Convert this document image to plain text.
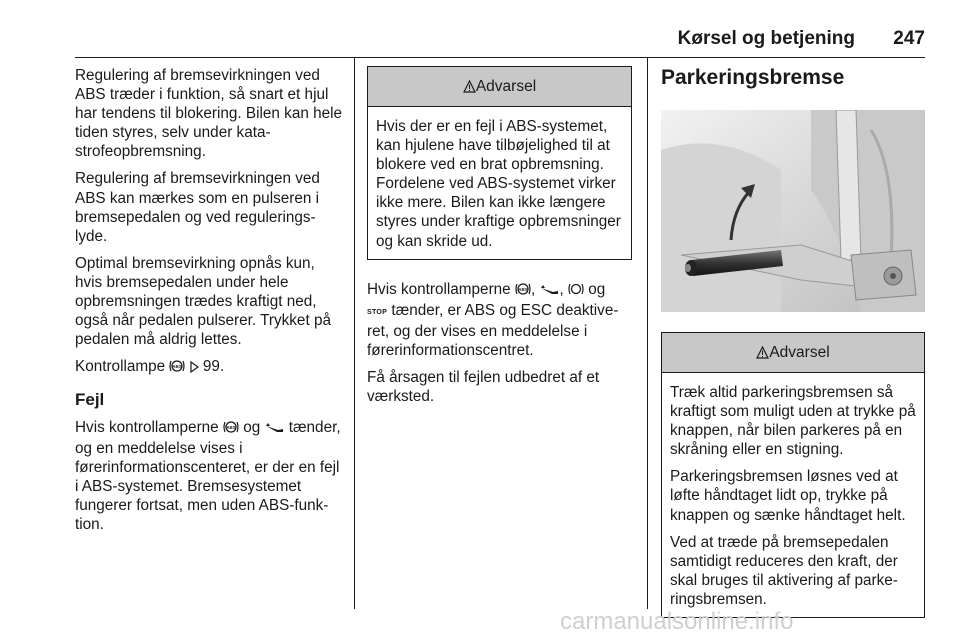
Kørsel og betjening 247

Regulering af bremsevirkningen ved ABS træder i funktion, så snart et hjul har tendens til blokering. Bilen kan hele tiden styres, selv under kata-strofeopbremsning.

Regulering af bremsevirkningen ved ABS kan mærkes som en pulseren i bremsepedalen og ved regulerings-lyde.

Optimal bremsevirkning opnås kun, hvis bremsepedalen under hele opbremsningen trædes kraftigt ned, også når pedalen pulserer. Trykket på pedalen må aldrig lettes.

Kontrollampe ABS 99.

Fejl

Hvis kontrollamperne ABS og tænder, og en meddelelse vises i førerinformationscenteret, er der en fejl i ABS-systemet. Bremsesystemet fungerer fortsat, men uden ABS-funk-tion.

Advarsel

Hvis der er en fejl i ABS-systemet, kan hjulene have tilbøjelighed til at blokere ved en brat opbremsning. Fordelene ved ABS-systemet virker ikke mere. Bilen kan ikke længere styres under kraftige opbremsninger og kan skride ud.

Hvis kontrollamperne ABS , , og
STOP tænder, er ABS og ESC deaktive-ret, og der vises en meddelelse i førerinformationscentret.

Få årsagen til fejlen udbedret af et værksted.

Parkeringsbremse
Advarsel

Træk altid parkeringsbremsen så kraftigt som muligt uden at trykke på knappen, når bilen parkeres på en skråning eller en stigning.

Parkeringsbremsen løsnes ved at løfte håndtaget lidt op, trykke på knappen og sænke håndtaget helt.

Ved at træde på bremsepedalen samtidigt reduceres den kraft, der skal bruges til aktivering af parke-ringsbremsen.

carmanualsonline.info
